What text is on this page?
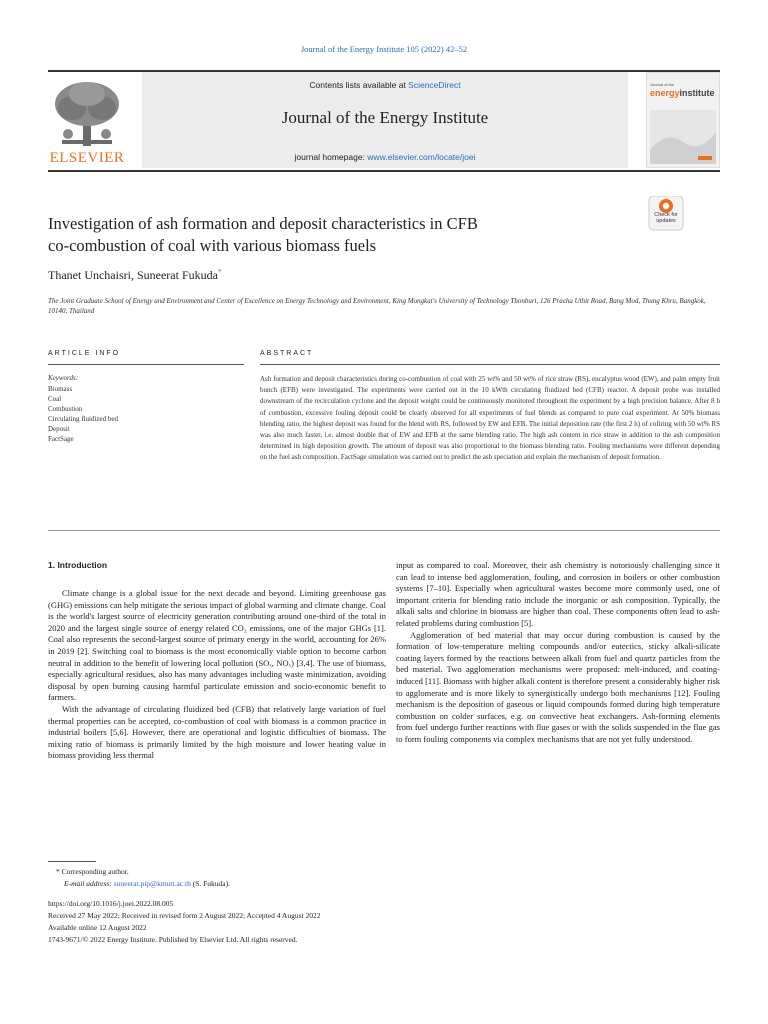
Journal of the Energy Institute 105 (2022) 42–52
ELSEVIER
Contents lists available at ScienceDirect
Journal of the Energy Institute
journal homepage: www.elsevier.com/locate/joei
Journal of the
energyinstitute
Investigation of ash formation and deposit characteristics in CFB
co-combustion of coal with various biomass fuels
Check for updates
Thanet Unchaisri, Suneerat Fukuda*
The Joint Graduate School of Energy and Environment and Center of Excellence on Energy Technology and Environment, King Mongkut's University of Technology Thonburi, 126 Pracha Uthit Road, Bang Mod, Thung Khru, Bangkok, 10140, Thailand
ARTICLE INFO	ABSTRACT
Keywords:
Biomass
Coal
Combustion
Circulating fluidized bed
Deposit
FactSage
Ash formation and deposit characteristics during co-combustion of coal with 25 wt% and 50 wt% of rice straw (RS), eucalyptus wood (EW), and palm empty fruit bunch (EFB) were investigated. The experiments were carried out in the 10 kWth circulating fluidized bed (CFB) reactor. A deposit probe was installed downstream of the recirculation cyclone and the deposit weight could be continuously monitored throughout the experiment by a high precision balance. After 8 h of combustion, excessive fouling deposit could be clearly observed for all experiments of fuel blends as compared to pure coal experiment. At 50% biomass blending ratio, the highest deposit was found for the blend with RS, followed by EW and EFB. The initial deposition rate (the first 2 h) of cofiring with 50 wt% RS was also much faster, i.e. almost double that of EW and EFB at the same blending ratio. The high ash content in rice straw in addition to the ash composition determined its high deposition growth. The amount of deposit was also proportional to the biomass blending ratio. Fouling mechanisms were different depending on the fuel ash composition. FactSage simulation was carried out to predict the ash speciation and explain the mechanism of deposit formation.
1. Introduction

Climate change is a global issue for the next decade and beyond. Limiting greenhouse gas (GHG) emissions can help mitigate the serious impact of global warming and climate change. Coal is the world's largest source of electricity generation contributing around one-third of the total in 2020 and the largest single source of energy related CO₂ emissions, one of the major GHGs [1]. Coal also represents the second-largest source of primary energy in the world, accounting for 26% in 2019 [2]. Switching coal to biomass is the most economically viable option to become carbon neutral in addition to the benefit of lowering local pollution (SOₓ, NOₓ) [3,4]. The use of biomass, especially agricultural residues, also has many advantages including waste minimization, avoiding disposal by open burning causing harmful particulate emission and socio-economic benefit to farmers.

With the advantage of circulating fluidized bed (CFB) that relatively large variation of fuel thermal properties can be accepted, co-combustion of coal with biomass is a common practice in industrial boilers [5,6]. However, there are operational and logistic difficulties of biomass. The mixing ratio of biomass is primarily limited by the high moisture and lower heating value in biomass providing less thermal

input as compared to coal. Moreover, their ash chemistry is notoriously challenging since it can lead to intense bed agglomeration, fouling, and corrosion in boilers or other combustion systems [7–10]. Especially when agricultural wastes become more commonly used, one of important criteria for blending ratio include the inorganic or ash composition. Typically, the alkali salts and chlorine in biomass are higher than coal. These components often lead to ash-related problems during combustion [5].

Agglomeration of bed material that may occur during combustion is caused by the formation of low-temperature melting compounds and/or eutectics, sticky alkali-silicate coating layers formed by the reactions between alkali from fuel and quartz particles from the bed material. Two agglomeration mechanisms were proposed: melt-induced, and coating-induced [11]. Biomass with higher alkali content is therefore present a considerably higher risk to agglomerate and is more likely to synergistically undergo both mechanisms [12]. Fouling mechanism is the deposition of gaseous or liquid compounds formed during high temperature combustion on colder surfaces, e.g. on convective heat exchangers. Ash-forming elements from fuel undergo further reactions with flue gases or with the solids suspended in the flue gas to form fouling components via complex mechanisms that are not yet fully understood.

* Corresponding author.
E-mail address: suneerat.pip@kmutt.ac.th (S. Fukuda).
https://doi.org/10.1016/j.joei.2022.08.005
Received 27 May 2022; Received in revised form 2 August 2022; Accepted 4 August 2022
Available online 12 August 2022
1743-9671/© 2022 Energy Institute. Published by Elsevier Ltd. All rights reserved.
